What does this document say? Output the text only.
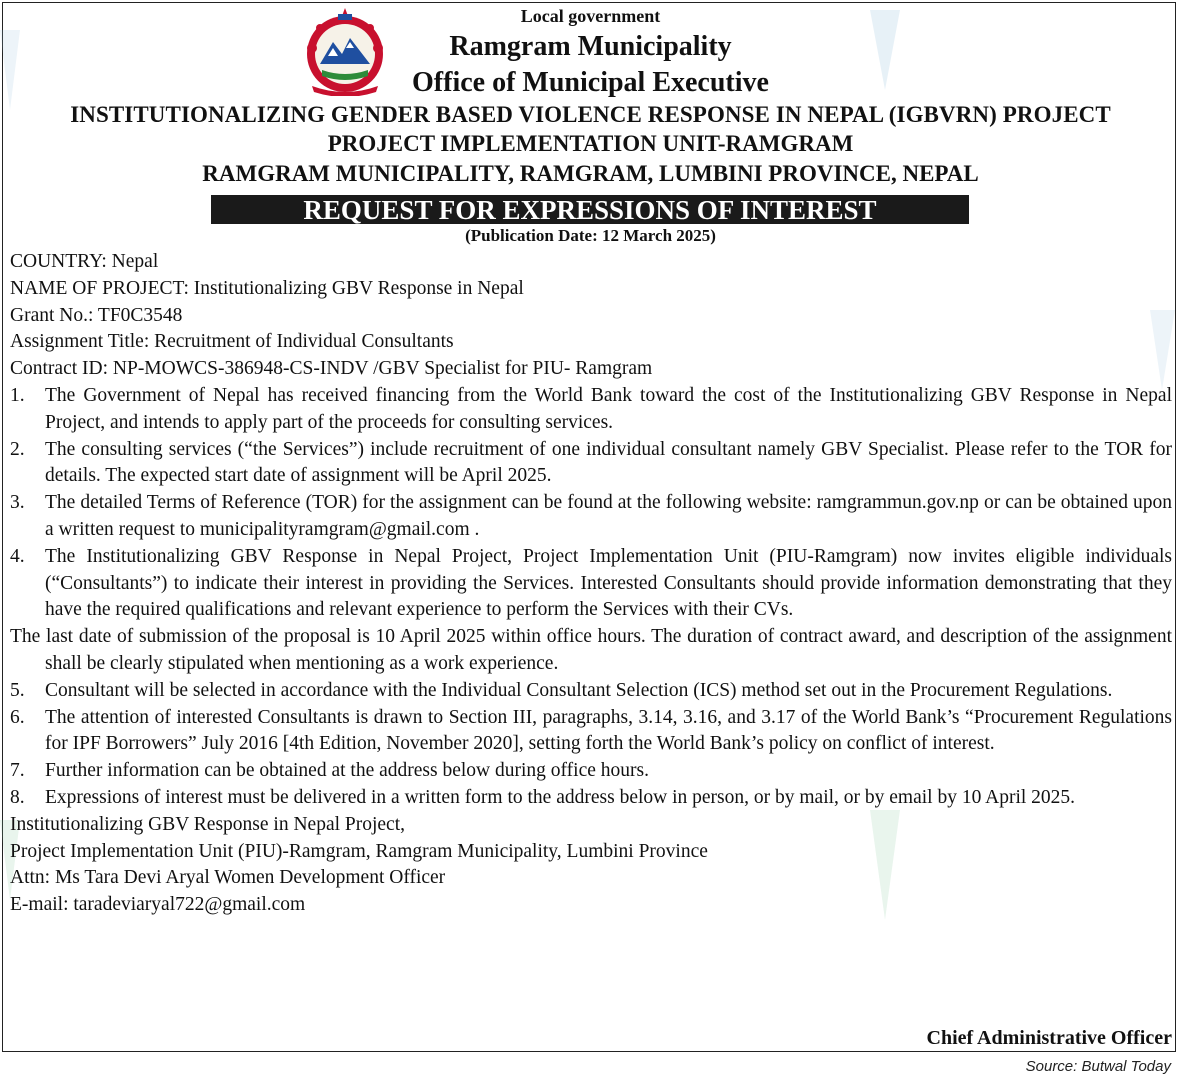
Local government
Ramgram Municipality
Office of Municipal Executive
INSTITUTIONALIZING GENDER BASED VIOLENCE RESPONSE IN NEPAL (IGBVRN) PROJECT
PROJECT IMPLEMENTATION UNIT-RAMGRAM
RAMGRAM MUNICIPALITY, RAMGRAM, LUMBINI PROVINCE, NEPAL
REQUEST FOR EXPRESSIONS OF INTEREST
(Publication Date: 12 March 2025)

COUNTRY: Nepal

NAME OF PROJECT: Institutionalizing GBV Response in Nepal

Grant No.: TF0C3548

Assignment Title: Recruitment of Individual Consultants

Contract ID: NP-MOWCS-386948-CS-INDV /GBV Specialist for PIU- Ramgram

1.	The Government of Nepal has received financing from the World Bank toward the cost of the Institutionalizing GBV Response in Nepal Project, and intends to apply part of the proceeds for consulting services.
2.	The consulting services (“the Services”) include recruitment of one individual consultant namely GBV Specialist. Please refer to the TOR for details. The expected start date of assignment will be April 2025.
3.	The detailed Terms of Reference (TOR) for the assignment can be found at the following website: ramgrammun.gov.np or can be obtained upon a written request to municipalityramgram@gmail.com .
4.	The Institutionalizing GBV Response in Nepal Project, Project Implementation Unit (PIU-Ramgram) now invites eligible individuals (“Consultants”) to indicate their interest in providing the Services. Interested Consultants should provide information demonstrating that they have the required qualifications and relevant experience to perform the Services with their CVs.

The last date of submission of the proposal is 10 April 2025 within office hours. The duration of contract award, and description of the assignment shall be clearly stipulated when mentioning as a work experience.

5.	Consultant will be selected in accordance with the Individual Consultant Selection (ICS) method set out in the Procurement Regulations.
6.	The attention of interested Consultants is drawn to Section III, paragraphs, 3.14, 3.16, and 3.17 of the World Bank’s “Procurement Regulations for IPF Borrowers” July 2016 [4th Edition, November 2020], setting forth the World Bank’s policy on conflict of interest.
7.	Further information can be obtained at the address below during office hours.
8.	Expressions of interest must be delivered in a written form to the address below in person, or by mail, or by email by 10 April 2025.

Institutionalizing GBV Response in Nepal Project,

Project Implementation Unit (PIU)-Ramgram, Ramgram Municipality, Lumbini Province

Attn: Ms Tara Devi Aryal Women Development Officer

E-mail: taradeviaryal722@gmail.com

Chief Administrative Officer
Source: Butwal Today
